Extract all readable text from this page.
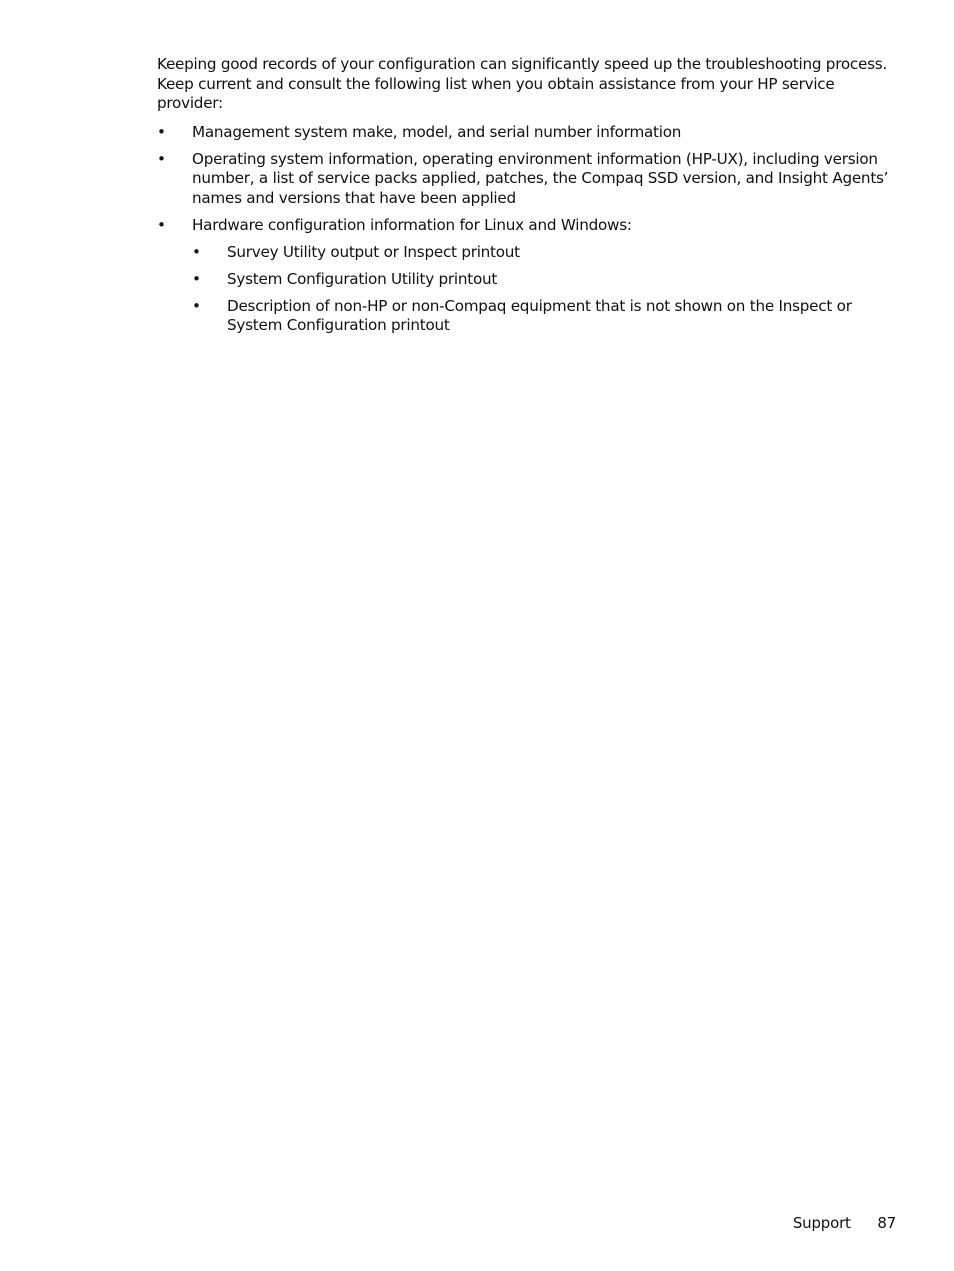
Keeping good records of your configuration can significantly speed up the troubleshooting process. Keep current and consult the following list when you obtain assistance from your HP service provider:

• Management system make, model, and serial number information
• Operating system information, operating environment information (HP-UX), including version number, a list of service packs applied, patches, the Compaq SSD version, and Insight Agents’ names and versions that have been applied
• Hardware configuration information for Linux and Windows:
• Survey Utility output or Inspect printout
• System Configuration Utility printout
• Description of non-HP or non-Compaq equipment that is not shown on the Inspect or System Configuration printout
Support 87
